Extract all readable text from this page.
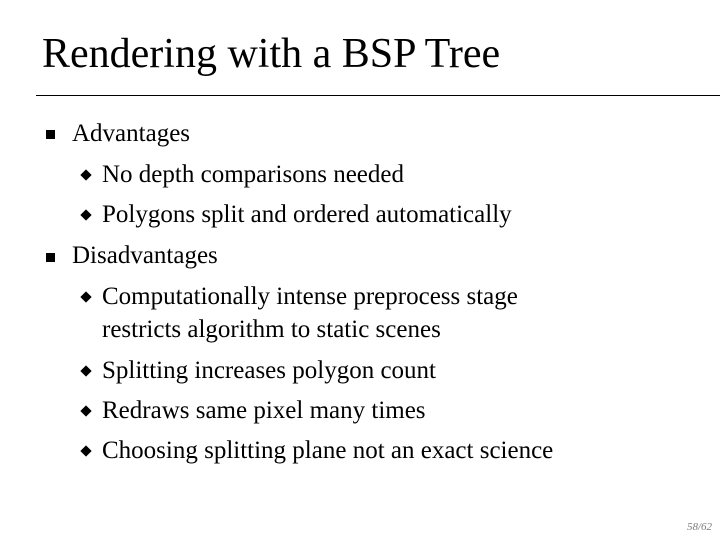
Rendering with a BSP Tree
Advantages
No depth comparisons needed
Polygons split and ordered automatically
Disadvantages
Computationally intense preprocess stage
restricts algorithm to static scenes
Splitting increases polygon count
Redraws same pixel many times
Choosing splitting plane not an exact science
58/62
